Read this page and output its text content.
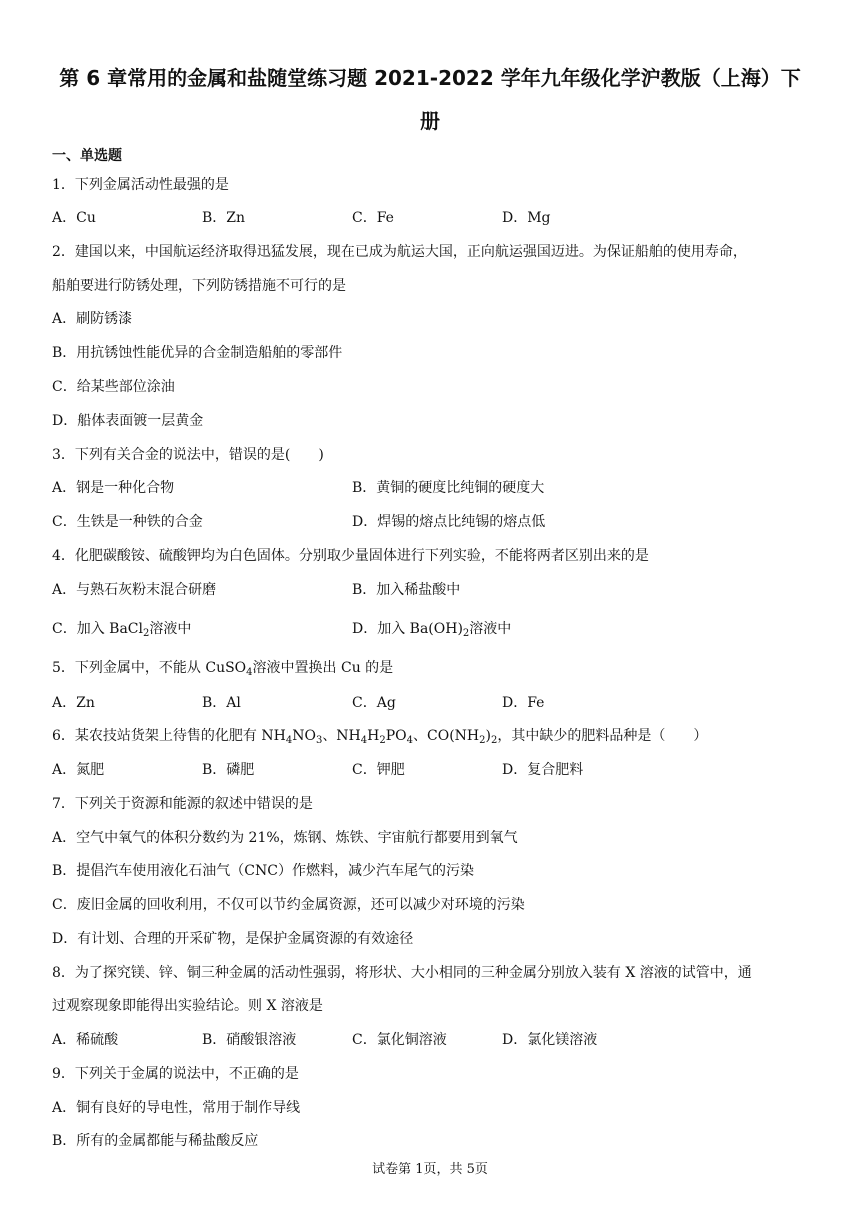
第 6 章常用的金属和盐随堂练习题 2021-2022 学年九年级化学沪教版（上海）下
册
一、单选题
1．下列金属活动性最强的是
A．Cu	B．Zn	C．Fe	D．Mg
2．建国以来，中国航运经济取得迅猛发展，现在已成为航运大国，正向航运强国迈进。为保证船舶的使用寿命，
船舶要进行防锈处理，下列防锈措施不可行的是
A．刷防锈漆
B．用抗锈蚀性能优异的合金制造船舶的零部件
C．给某些部位涂油
D．船体表面镀一层黄金
3．下列有关合金的说法中，错误的是(　　)
A．钢是一种化合物	B．黄铜的硬度比纯铜的硬度大
C．生铁是一种铁的合金	D．焊锡的熔点比纯锡的熔点低
4．化肥碳酸铵、硫酸钾均为白色固体。分别取少量固体进行下列实验，不能将两者区别出来的是
A．与熟石灰粉末混合研磨	B．加入稀盐酸中
C．加入 BaCl$_2$溶液中	D．加入 $Ba(OH)_2$溶液中
5．下列金属中，不能从 CuSO$_4$溶液中置换出 Cu 的是
A．Zn	B．Al	C．Ag	D．Fe
6．某农技站货架上待售的化肥有 $NH_4NO_3$、$NH_4H_2PO_4$、$CO(NH_2)_2$，其中缺少的肥料品种是（　　）
A．氮肥	B．磷肥	C．钾肥	D．复合肥料
7．下列关于资源和能源的叙述中错误的是
A．空气中氧气的体积分数约为 21%，炼钢、炼铁、宇宙航行都要用到氧气
B．提倡汽车使用液化石油气（CNC）作燃料，减少汽车尾气的污染
C．废旧金属的回收利用，不仅可以节约金属资源，还可以减少对环境的污染
D．有计划、合理的开采矿物，是保护金属资源的有效途径
8．为了探究镁、锌、铜三种金属的活动性强弱，将形状、大小相同的三种金属分别放入装有 X 溶液的试管中，通
过观察现象即能得出实验结论。则 X 溶液是
A．稀硫酸	B．硝酸银溶液	C．氯化铜溶液	D．氯化镁溶液
9．下列关于金属的说法中，不正确的是
A．铜有良好的导电性，常用于制作导线
B．所有的金属都能与稀盐酸反应
试卷第 1页，共 5页
